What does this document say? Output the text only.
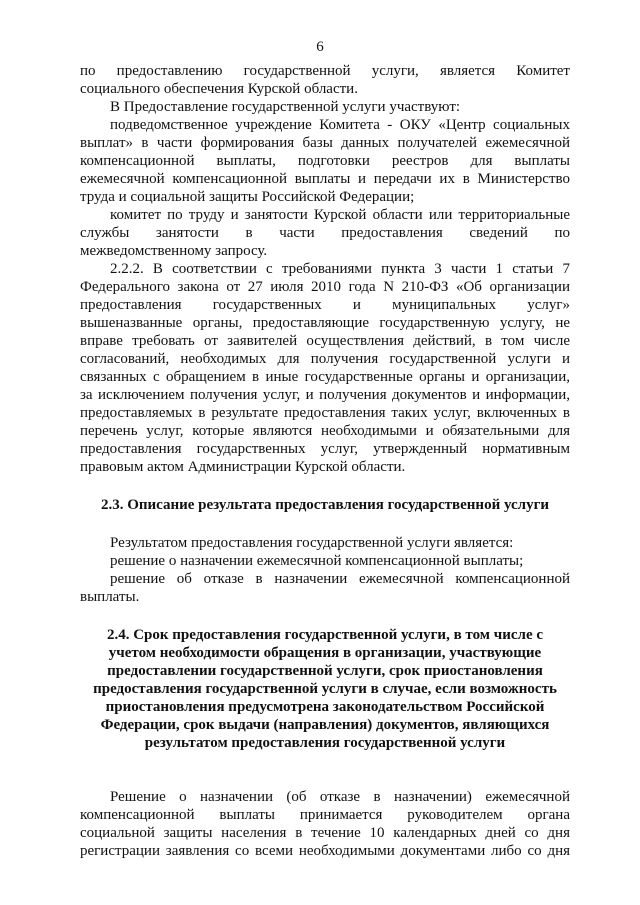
6
по предоставлению государственной услуги, является Комитет
социального обеспечения Курской области.
В Предоставление государственной услуги участвуют:
подведомственное учреждение Комитета - ОКУ «Центр социальных
выплат» в части формирования базы данных получателей ежемесячной
компенсационной выплаты, подготовки реестров для выплаты
ежемесячной компенсационной выплаты и передачи их в Министерство
труда и социальной защиты Российской Федерации;
комитет по труду и занятости Курской области или территориальные
службы занятости в части предоставления сведений по
межведомственному запросу.
2.2.2. В соответствии с требованиями пункта 3 части 1 статьи 7
Федерального закона от 27 июля 2010 года N 210-ФЗ «Об организации
предоставления государственных и муниципальных услуг»
вышеназванные органы, предоставляющие государственную услугу, не
вправе требовать от заявителей осуществления действий, в том числе
согласований, необходимых для получения государственной услуги и
связанных с обращением в иные государственные органы и организации,
за исключением получения услуг, и получения документов и информации,
предоставляемых в результате предоставления таких услуг, включенных в
перечень услуг, которые являются необходимыми и обязательными для
предоставления государственных услуг, утвержденный нормативным
правовым актом Администрации Курской области.
2.3. Описание результата предоставления государственной услуги
Результатом предоставления государственной услуги является:
решение о назначении ежемесячной компенсационной выплаты;
решение об отказе в назначении ежемесячной компенсационной
выплаты.
2.4. Срок предоставления государственной услуги, в том числе с
учетом необходимости обращения в организации, участвующие
предоставлении государственной услуги, срок приостановления
предоставления государственной услуги в случае, если возможность
приостановления предусмотрена законодательством Российской
Федерации, срок выдачи (направления) документов, являющихся
результатом предоставления государственной услуги
Решение о назначении (об отказе в назначении) ежемесячной
компенсационной выплаты принимается руководителем органа
социальной защиты населения в течение 10 календарных дней со дня
регистрации заявления со всеми необходимыми документами либо со дня
